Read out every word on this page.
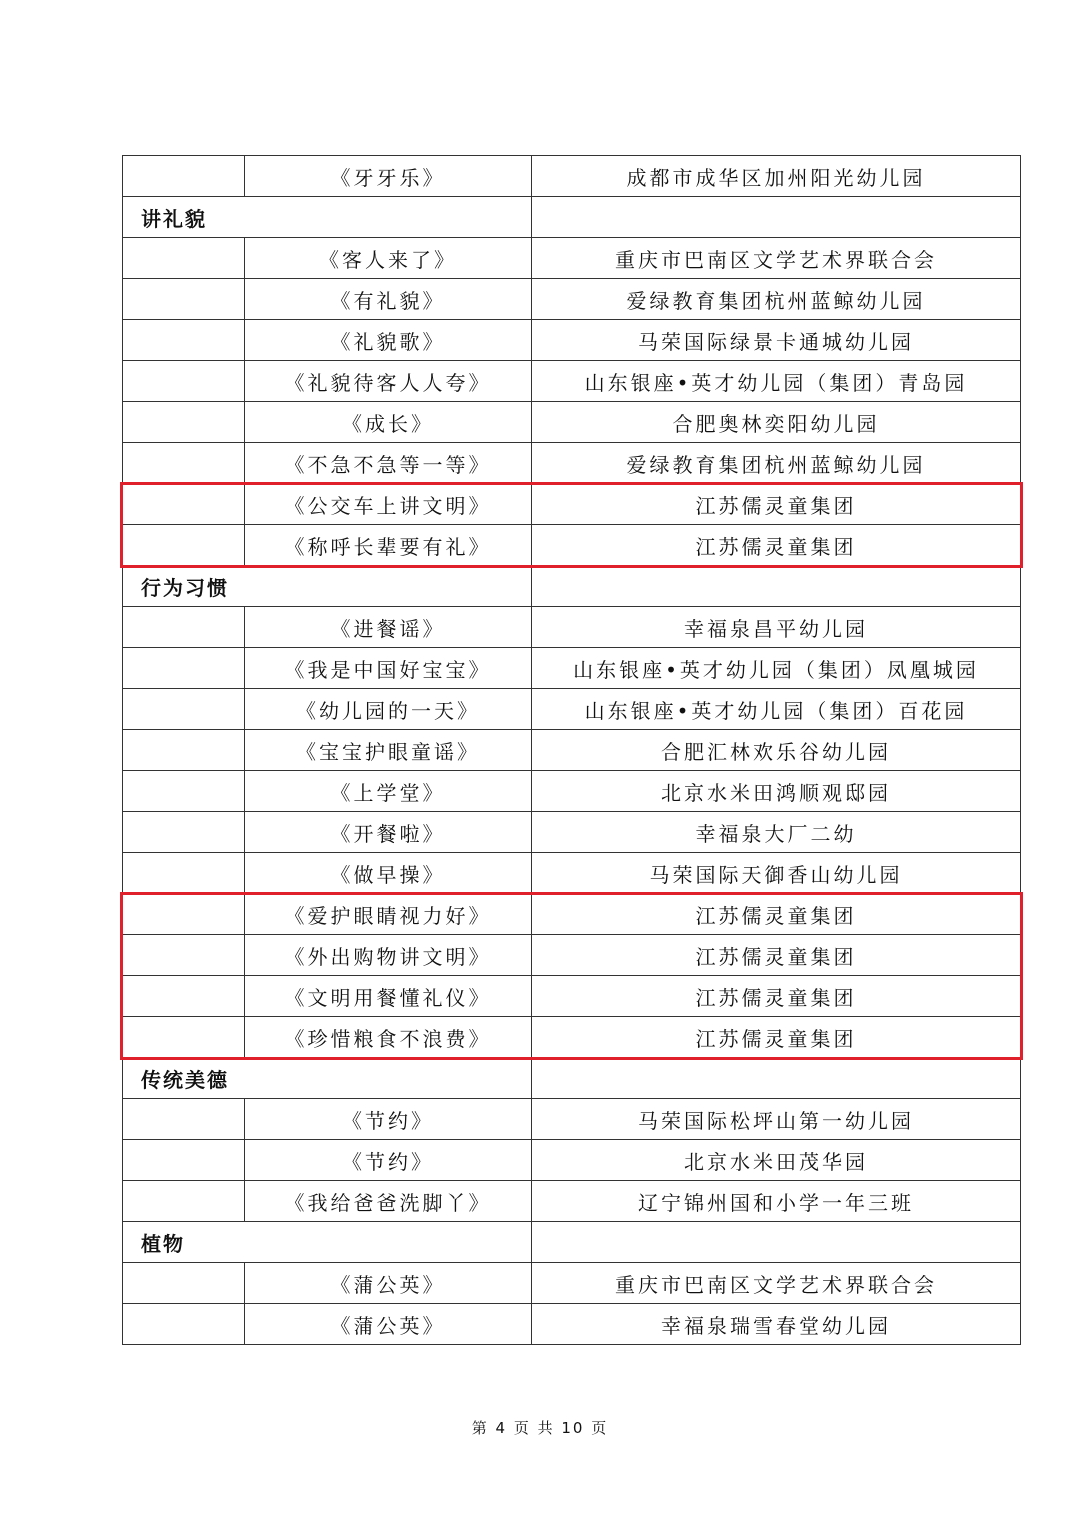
	《牙牙乐》	成都市成华区加州阳光幼儿园
讲礼貌		
	《客人来了》	重庆市巴南区文学艺术界联合会
	《有礼貌》	爱绿教育集团杭州蓝鲸幼儿园
	《礼貌歌》	马荣国际绿景卡通城幼儿园
	《礼貌待客人人夸》	山东银座•英才幼儿园（集团）青岛园
	《成长》	合肥奥林奕阳幼儿园
	《不急不急等一等》	爱绿教育集团杭州蓝鲸幼儿园
	《公交车上讲文明》	江苏儒灵童集团
	《称呼长辈要有礼》	江苏儒灵童集团
行为习惯		
	《进餐谣》	幸福泉昌平幼儿园
	《我是中国好宝宝》	山东银座•英才幼儿园（集团）凤凰城园
	《幼儿园的一天》	山东银座•英才幼儿园（集团）百花园
	《宝宝护眼童谣》	合肥汇林欢乐谷幼儿园
	《上学堂》	北京水米田鸿顺观邸园
	《开餐啦》	幸福泉大厂二幼
	《做早操》	马荣国际天御香山幼儿园
	《爱护眼睛视力好》	江苏儒灵童集团
	《外出购物讲文明》	江苏儒灵童集团
	《文明用餐懂礼仪》	江苏儒灵童集团
	《珍惜粮食不浪费》	江苏儒灵童集团
传统美德		
	《节约》	马荣国际松坪山第一幼儿园
	《节约》	北京水米田茂华园
	《我给爸爸洗脚丫》	辽宁锦州国和小学一年三班
植物		
	《蒲公英》	重庆市巴南区文学艺术界联合会
	《蒲公英》	幸福泉瑞雪春堂幼儿园
第 4 页 共 10 页
